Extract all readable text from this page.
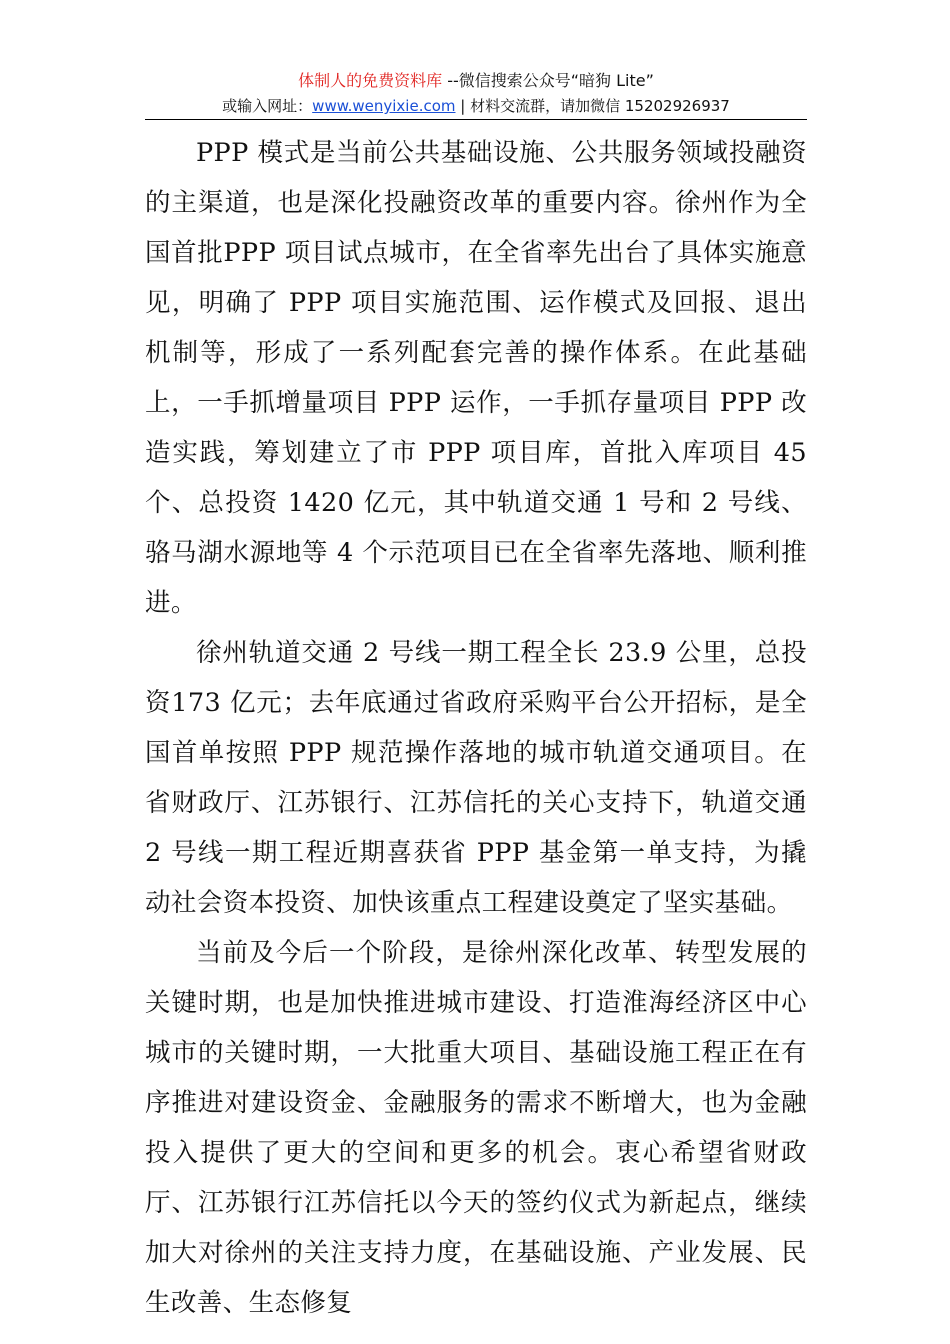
体制人的免费资料库 --微信搜索公众号“暗狗 Lite”
或输入网址：www.wenyixie.com | 材料交流群，请加微信 15202926937

PPP 模式是当前公共基础设施、公共服务领域投融资的主渠道，也是深化投融资改革的重要内容。徐州作为全国首批PPP 项目试点城市，在全省率先出台了具体实施意见，明确了 PPP 项目实施范围、运作模式及回报、退出机制等，形成了一系列配套完善的操作体系。在此基础上，一手抓增量项目 PPP 运作，一手抓存量项目 PPP 改造实践，筹划建立了市 PPP 项目库，首批入库项目 45 个、总投资 1420 亿元，其中轨道交通 1 号和 2 号线、骆马湖水源地等 4 个示范项目已在全省率先落地、顺利推进。

徐州轨道交通 2 号线一期工程全长 23.9 公里，总投资173 亿元；去年底通过省政府采购平台公开招标，是全国首单按照 PPP 规范操作落地的城市轨道交通项目。在省财政厅、江苏银行、江苏信托的关心支持下，轨道交通 2 号线一期工程近期喜获省 PPP 基金第一单支持，为撬动社会资本投资、加快该重点工程建设奠定了坚实基础。

当前及今后一个阶段，是徐州深化改革、转型发展的关键时期，也是加快推进城市建设、打造淮海经济区中心城市的关键时期，一大批重大项目、基础设施工程正在有序推进对建设资金、金融服务的需求不断增大，也为金融投入提供了更大的空间和更多的机会。衷心希望省财政厅、江苏银行江苏信托以今天的签约仪式为新起点，继续加大对徐州的关注支持力度，在基础设施、产业发展、民生改善、生态修复
